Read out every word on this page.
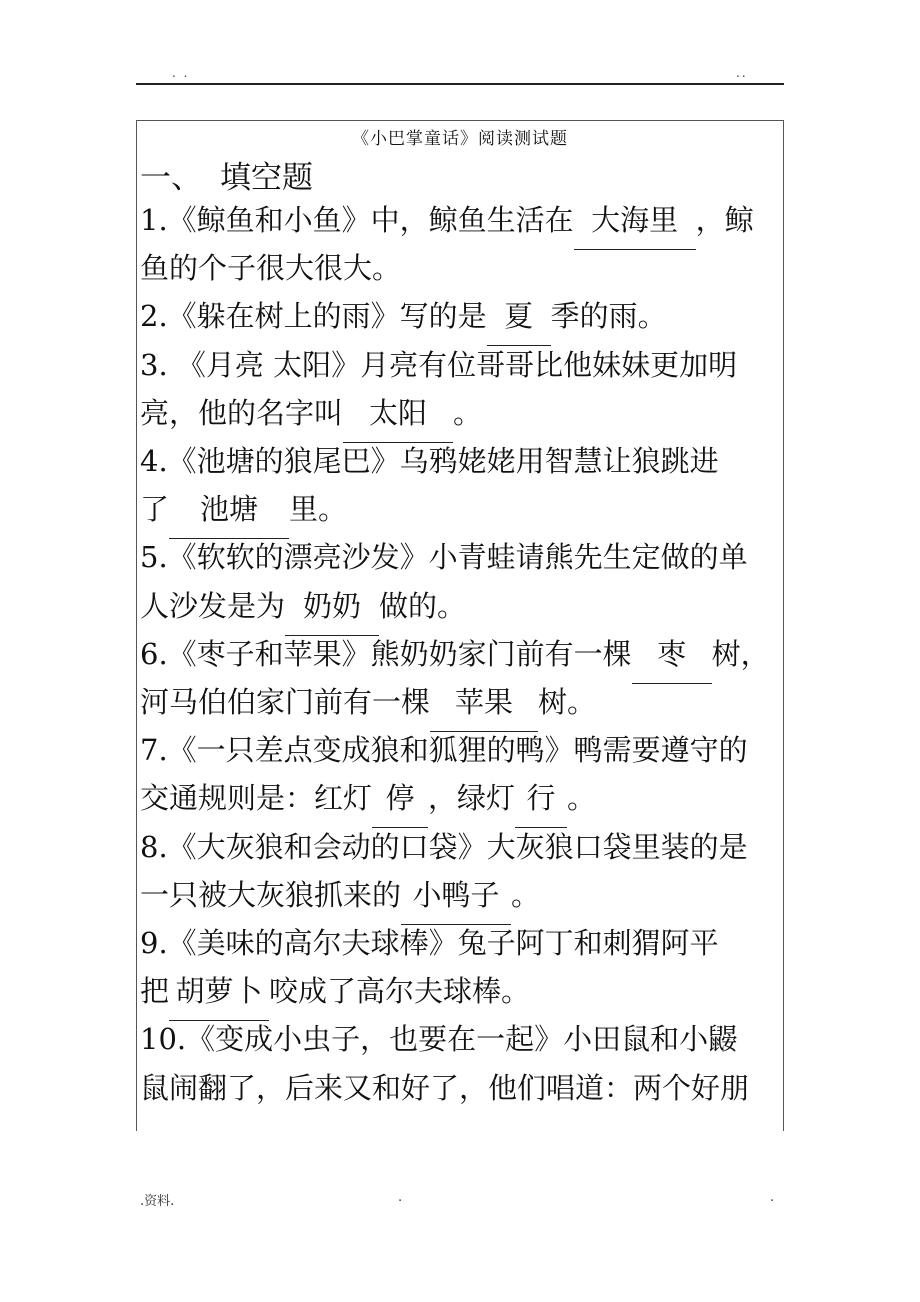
. .	..
《小巴掌童话》阅读测试题
一、 填空题
1.《鲸鱼和小鱼》中，鲸鱼生活在 大海里 ，鲸
鱼的个子很大很大。
2.《躲在树上的雨》写的是 夏 季的雨。
3. 《月亮 太阳》月亮有位哥哥比他妹妹更加明
亮，他的名字叫 太阳 。
4.《池塘的狼尾巴》乌鸦姥姥用智慧让狼跳进
了 池塘 里。
5.《软软的漂亮沙发》小青蛙请熊先生定做的单
人沙发是为 奶奶 做的。
6.《枣子和苹果》熊奶奶家门前有一棵 枣 树，
河马伯伯家门前有一棵 苹果 树。
7.《一只差点变成狼和狐狸的鸭》鸭需要遵守的
交通规则是：红灯 停 ，绿灯 行 。
8.《大灰狼和会动的口袋》大灰狼口袋里装的是
一只被大灰狼抓来的 小鸭子 。
9.《美味的高尔夫球棒》兔子阿丁和刺猬阿平
把 胡萝卜 咬成了高尔夫球棒。
10.《变成小虫子，也要在一起》小田鼠和小鼹
鼠闹翻了，后来又和好了，他们唱道：两个好朋
.资料.	.	.
